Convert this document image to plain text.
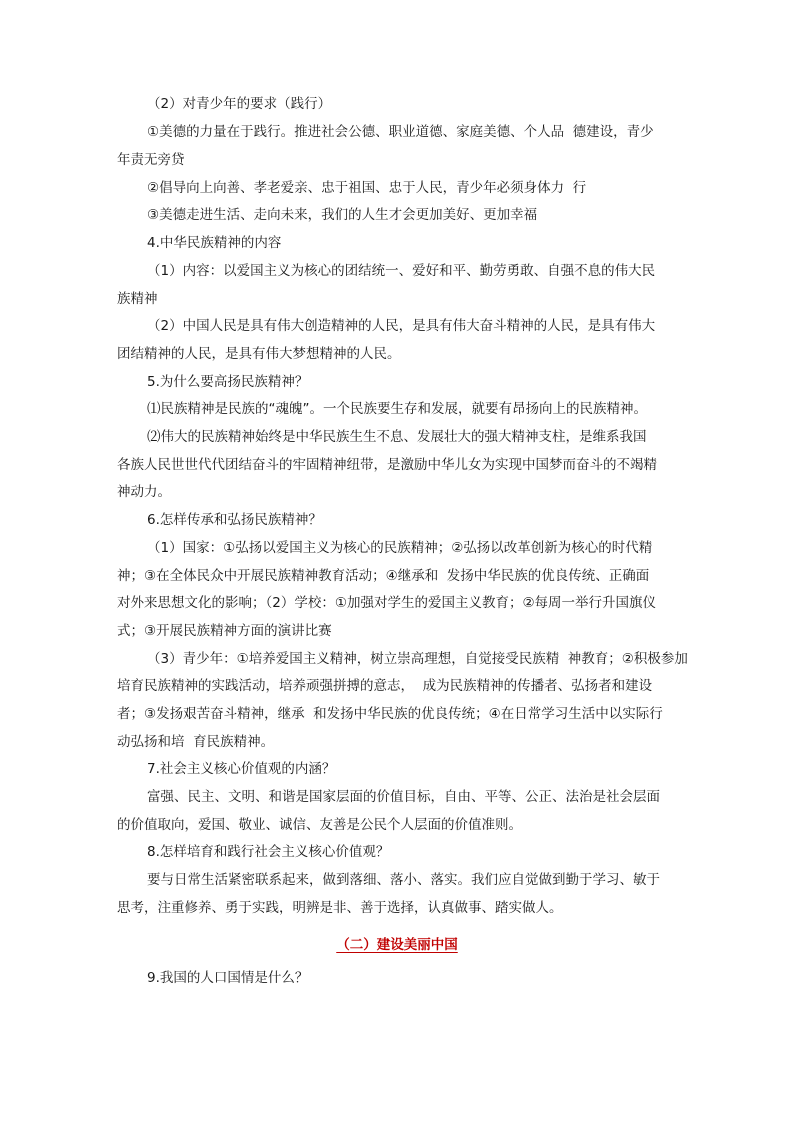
（2）对青少年的要求（践行）
①美德的力量在于践行。推进社会公德、职业道德、家庭美德、个人品  德建设，青少
年责无旁贷
②倡导向上向善、孝老爱亲、忠于祖国、忠于人民，青少年必须身体力  行
③美德走进生活、走向未来，我们的人生才会更加美好、更加幸福
4.中华民族精神的内容
（1）内容：以爱国主义为核心的团结统一、爱好和平、勤劳勇敢、自强不息的伟大民
族精神
（2）中国人民是具有伟大创造精神的人民，是具有伟大奋斗精神的人民，是具有伟大
团结精神的人民，是具有伟大梦想精神的人民。
5.为什么要高扬民族精神？
⑴民族精神是民族的“魂魄”。一个民族要生存和发展，就要有昂扬向上的民族精神。
⑵伟大的民族精神始终是中华民族生生不息、发展壮大的强大精神支柱，是维系我国
各族人民世世代代团结奋斗的牢固精神纽带，是激励中华儿女为实现中国梦而奋斗的不竭精
神动力。
6.怎样传承和弘扬民族精神？
（1）国家：①弘扬以爱国主义为核心的民族精神；②弘扬以改革创新为核心的时代精
神；③在全体民众中开展民族精神教育活动；④继承和  发扬中华民族的优良传统、正确面
对外来思想文化的影响；（2）学校：①加强对学生的爱国主义教育；②每周一举行升国旗仪
式；③开展民族精神方面的演讲比赛
（3）青少年：①培养爱国主义精神，树立崇高理想，自觉接受民族精  神教育；②积极参加
培育民族精神的实践活动，培养顽强拼搏的意志，  成为民族精神的传播者、弘扬者和建设
者；③发扬艰苦奋斗精神，继承  和发扬中华民族的优良传统；④在日常学习生活中以实际行
动弘扬和培  育民族精神。
7.社会主义核心价值观的内涵？
富强、民主、文明、和谐是国家层面的价值目标，自由、平等、公正、法治是社会层面
的价值取向，爱国、敬业、诚信、友善是公民个人层面的价值准则。
8.怎样培育和践行社会主义核心价值观？
要与日常生活紧密联系起来，做到落细、落小、落实。我们应自觉做到勤于学习、敏于
思考，注重修养、勇于实践，明辨是非、善于选择，认真做事、踏实做人。
（二）建设美丽中国
9.我国的人口国情是什么？
